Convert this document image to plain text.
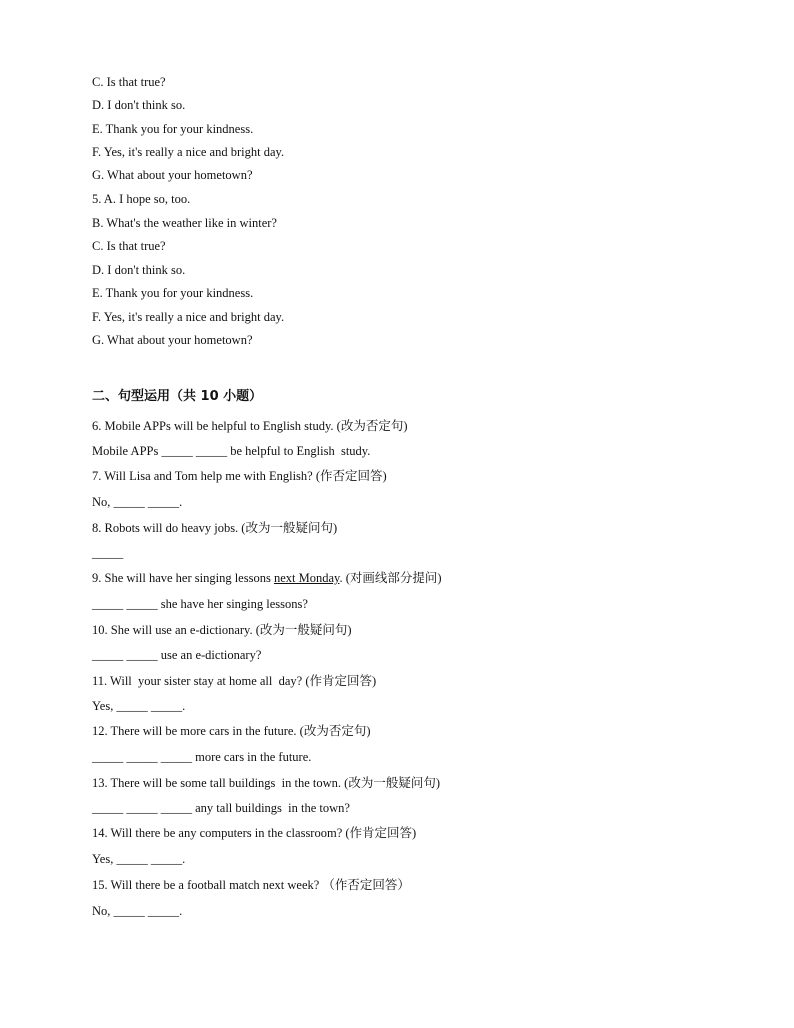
C. Is that true?
D. I don't think so.
E. Thank you for your kindness.
F. Yes, it's really a nice and bright day.
G. What about your hometown?
5. A. I hope so, too.
B. What's the weather like in winter?
C. Is that true?
D. I don't think so.
E. Thank you for your kindness.
F. Yes, it's really a nice and bright day.
G. What about your hometown?
二、句型运用（共 10 小题）
6. Mobile APPs will be helpful to English study. (改为否定句)
Mobile APPs _____ _____ be helpful to English  study.
7. Will Lisa and Tom help me with English? (作否定回答)
No, _____ _____.
8. Robots will do heavy jobs. (改为一般疑问句)
_____
9. She will have her singing lessons next Monday. (对画线部分提问)
_____ _____ she have her singing lessons?
10. She will use an e-dictionary. (改为一般疑问句)
_____ _____ use an e-dictionary?
11. Will  your sister stay at home all  day? (作肯定回答)
Yes, _____ _____.
12. There will be more cars in the future. (改为否定句)
_____ _____ _____ more cars in the future.
13. There will be some tall buildings  in the town. (改为一般疑问句)
_____ _____ _____ any tall buildings  in the town?
14. Will there be any computers in the classroom? (作肯定回答)
Yes, _____ _____.
15. Will there be a football match next week? （作否定回答）
No, _____ _____.
